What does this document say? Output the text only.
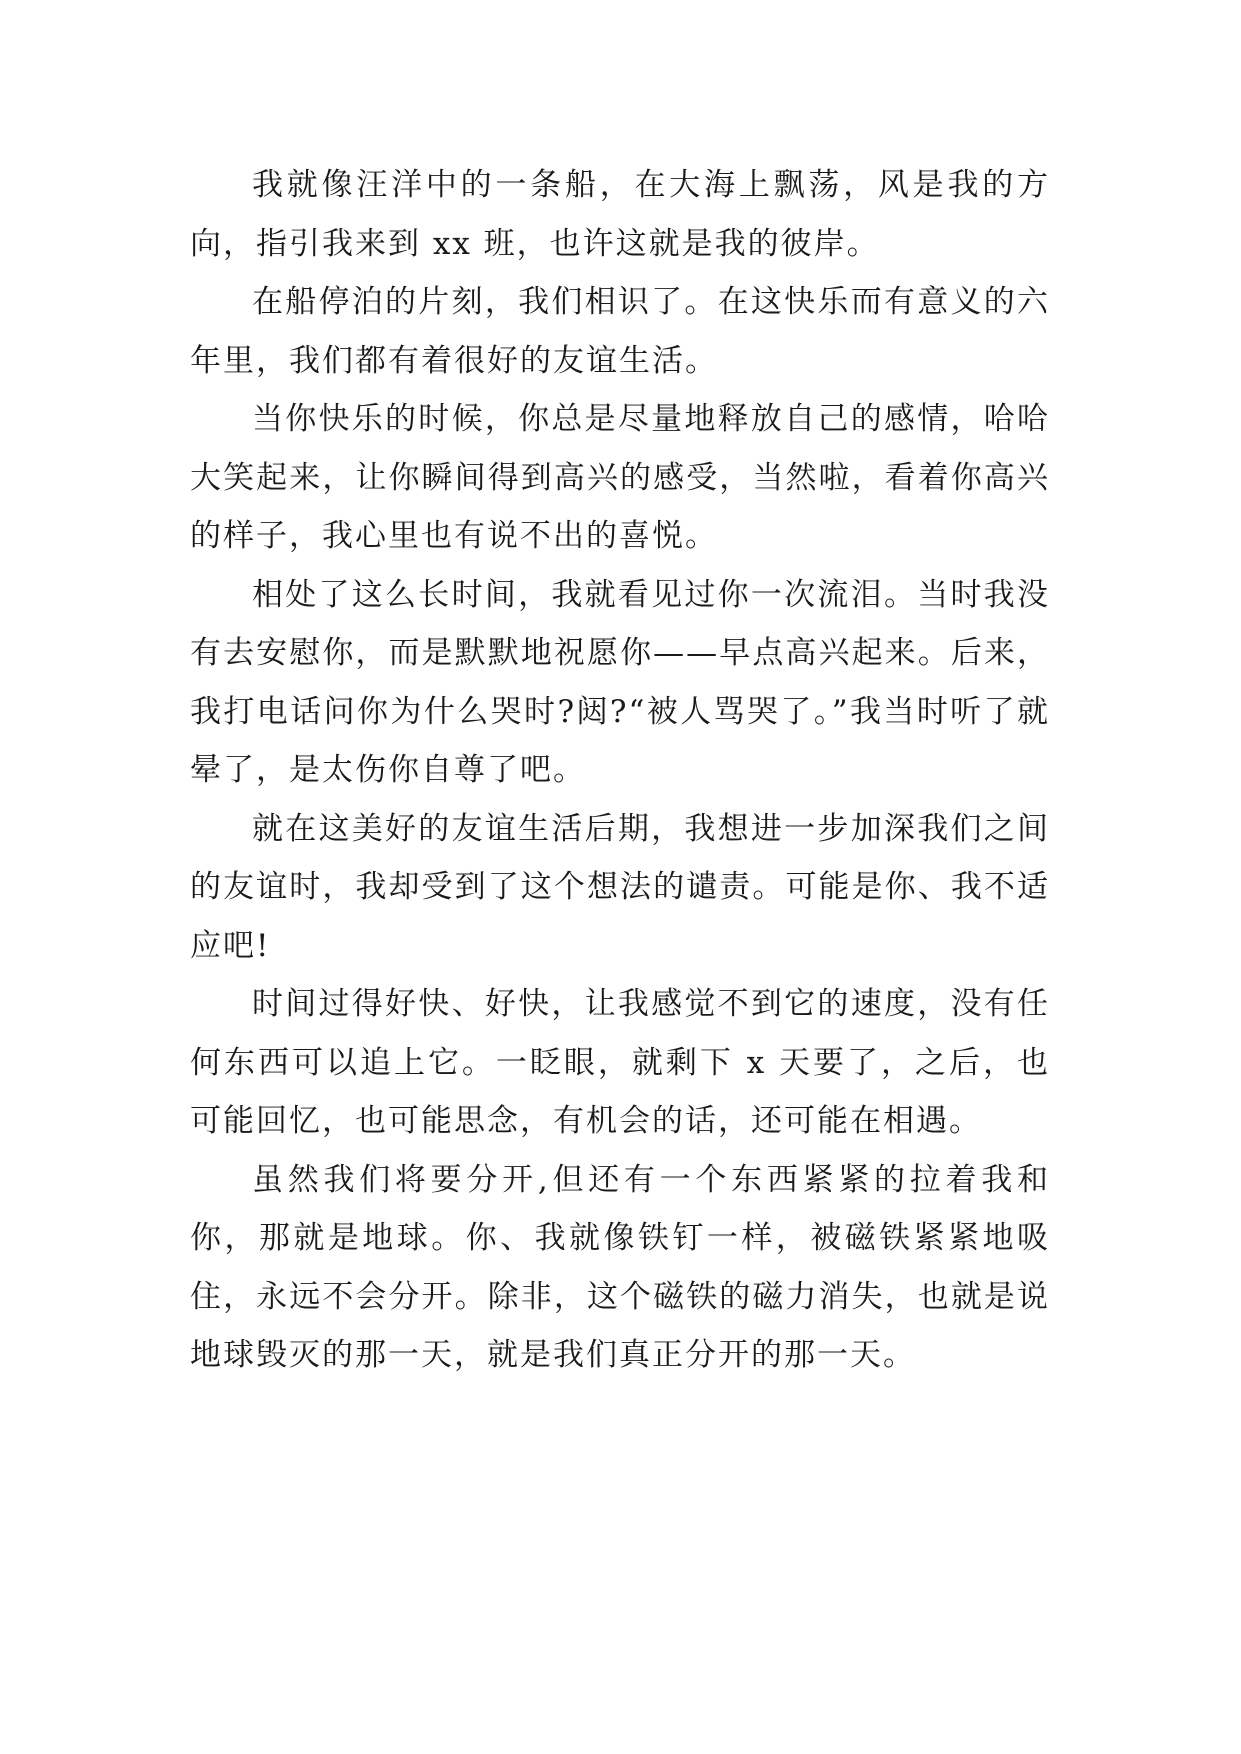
我就像汪洋中的一条船，在大海上飘荡，风是我的方向，指引我来到 xx 班，也许这就是我的彼岸。

在船停泊的片刻，我们相识了。在这快乐而有意义的六年里，我们都有着很好的友谊生活。

当你快乐的时候，你总是尽量地释放自己的感情，哈哈大笑起来，让你瞬间得到高兴的感受，当然啦，看着你高兴的样子，我心里也有说不出的喜悦。

相处了这么长时间，我就看见过你一次流泪。当时我没有去安慰你，而是默默地祝愿你——早点高兴起来。后来，我打电话问你为什么哭时?闼?“被人骂哭了。”我当时听了就晕了，是太伤你自尊了吧。

就在这美好的友谊生活后期，我想进一步加深我们之间的友谊时，我却受到了这个想法的谴责。可能是你、我不适应吧!

时间过得好快、好快，让我感觉不到它的速度，没有任何东西可以追上它。一眨眼，就剩下 x 天要了，之后，也可能回忆，也可能思念，有机会的话，还可能在相遇。

虽然我们将要分开,但还有一个东西紧紧的拉着我和你，那就是地球。你、我就像铁钉一样，被磁铁紧紧地吸住，永远不会分开。除非，这个磁铁的磁力消失，也就是说地球毁灭的那一天，就是我们真正分开的那一天。
